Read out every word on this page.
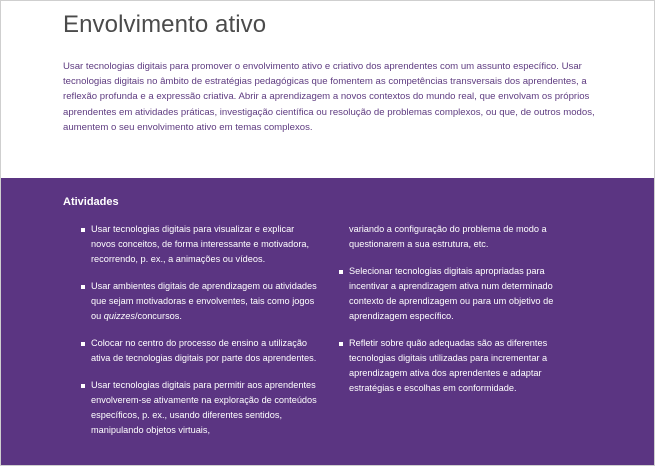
Envolvimento ativo
Usar tecnologias digitais para promover o envolvimento ativo e criativo dos aprendentes com um assunto específico. Usar tecnologias digitais no âmbito de estratégias pedagógicas que fomentem as competências transversais dos aprendentes, a reflexão profunda e a expressão criativa. Abrir a aprendizagem a novos contextos do mundo real, que envolvam os próprios aprendentes em atividades práticas, investigação científica ou resolução de problemas complexos, ou que, de outros modos, aumentem o seu envolvimento ativo em temas complexos.
Atividades
Usar tecnologias digitais para visualizar e explicar novos conceitos, de forma interessante e motivadora, recorrendo, p. ex., a animações ou vídeos.
Usar ambientes digitais de aprendizagem ou atividades que sejam motivadoras e envolventes, tais como jogos ou quizzes/concursos.
Colocar no centro do processo de ensino a utilização ativa de tecnologias digitais por parte dos aprendentes.
Usar tecnologias digitais para permitir aos aprendentes envolverem-se ativamente na exploração de conteúdos específicos, p. ex., usando diferentes sentidos, manipulando objetos virtuais,
variando a configuração do problema de modo a questionarem a sua estrutura, etc.
Selecionar tecnologias digitais apropriadas para incentivar a aprendizagem ativa num determinado contexto de aprendizagem ou para um objetivo de aprendizagem específico.
Refletir sobre quão adequadas são as diferentes tecnologias digitais utilizadas para incrementar a aprendizagem ativa dos aprendentes e adaptar estratégias e escolhas em conformidade.
